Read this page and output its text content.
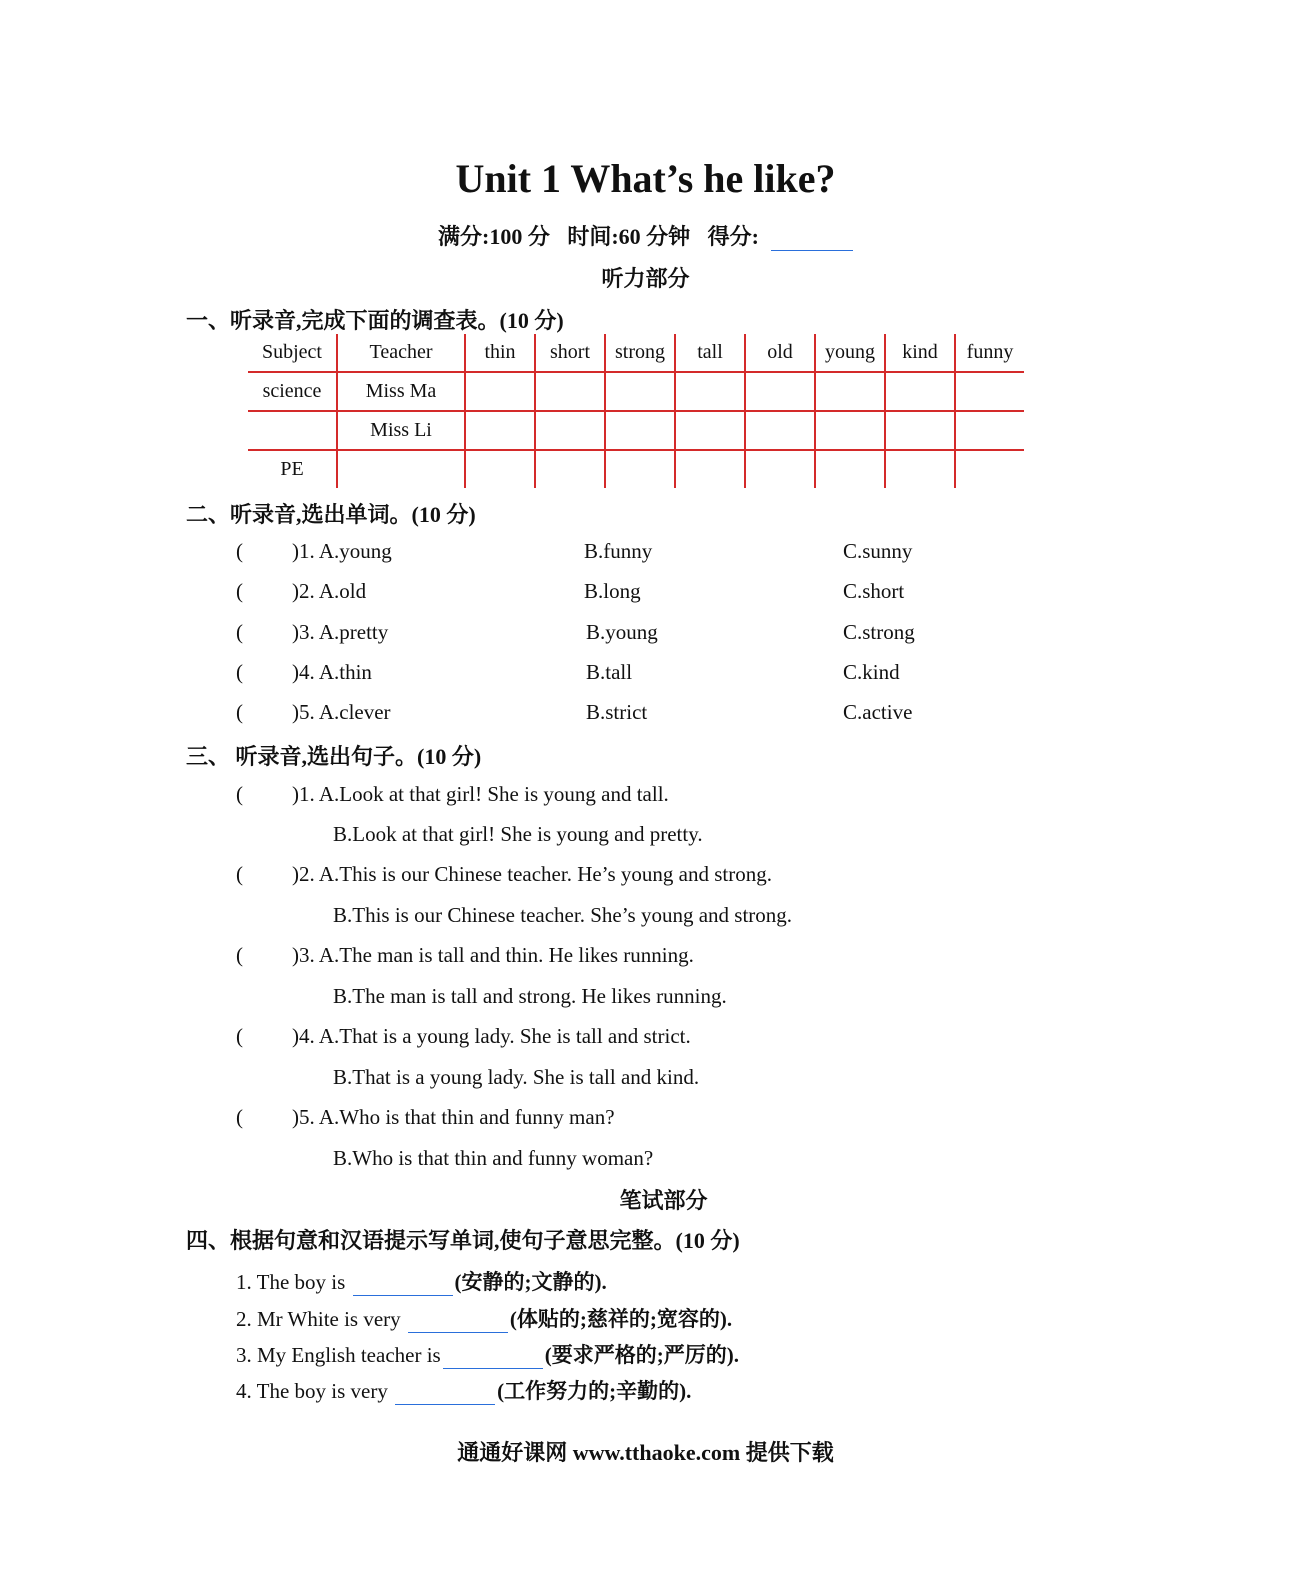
Unit 1 What’s he like?
满分:100 分 时间:60 分钟 得分:
听力部分
一、听录音,完成下面的调查表。(10 分)
Subject	Teacher	thin	short	strong	tall	old	young	kind	funny
science	Miss Ma								
	Miss Li								
PE									
二、听录音,选出单词。(10 分)
( )1. A.young	B.funny	C.sunny
( )2. A.old	B.long	C.short
( )3. A.pretty	B.young	C.strong
( )4. A.thin	B.tall	C.kind
( )5. A.clever	B.strict	C.active
三、 听录音,选出句子。(10 分)
( )1. A.Look at that girl! She is young and tall.
B.Look at that girl! She is young and pretty.
( )2. A.This is our Chinese teacher. He’s young and strong.
B.This is our Chinese teacher. She’s young and strong.
( )3. A.The man is tall and thin. He likes running.
B.The man is tall and strong. He likes running.
( )4. A.That is a young lady. She is tall and strict.
B.That is a young lady. She is tall and kind.
( )5. A.Who is that thin and funny man?
B.Who is that thin and funny woman?
笔试部分
四、根据句意和汉语提示写单词,使句子意思完整。(10 分)
1. The boy is	(安静的;文静的).
2. Mr White is very	(体贴的;慈祥的;宽容的).
3. My English teacher is	(要求严格的;严厉的).
4. The boy is very	(工作努力的;辛勤的).
通通好课网 www.tthaoke.com 提供下载
